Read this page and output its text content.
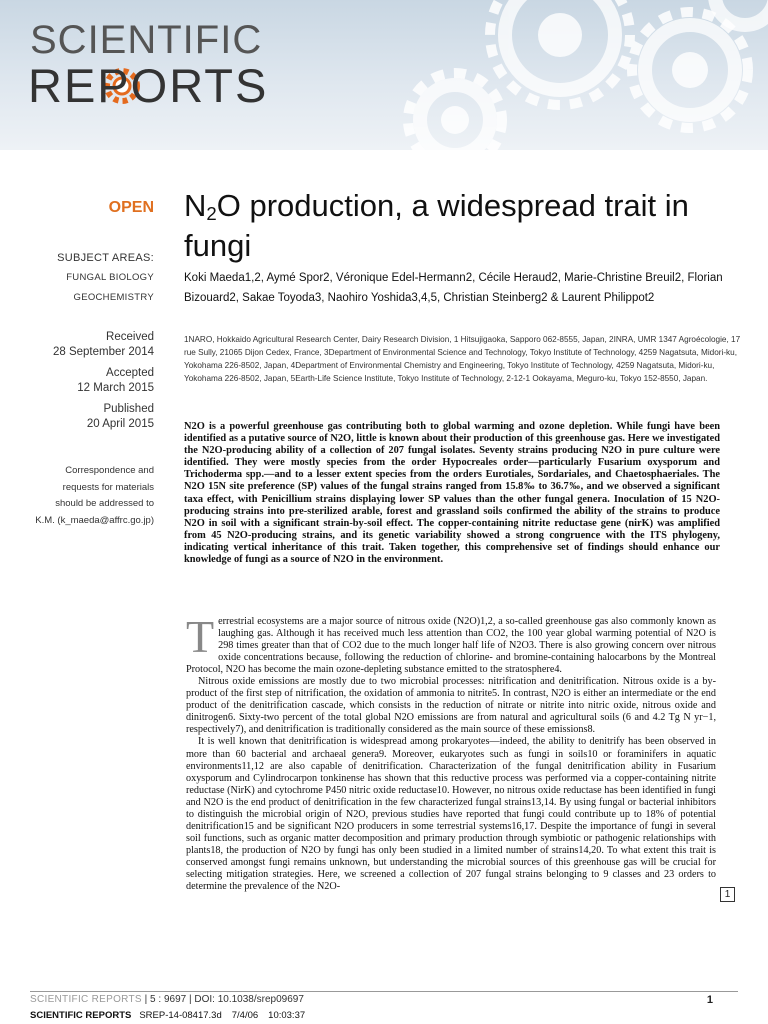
SCIENTIFIC
REPORTS
OPEN
SUBJECT AREAS:
FUNGAL BIOLOGY
GEOCHEMISTRY
Received
28 September 2014
Accepted
12 March 2015
Published
20 April 2015
Correspondence and requests for materials should be addressed to K.M. (k_maeda@affrc.go.jp)
$N_2O$ production, a widespread trait in fungi
Koki Maeda1,2, Aymé Spor2, Véronique Edel-Hermann2, Cécile Heraud2, Marie-Christine Breuil2, Florian Bizouard2, Sakae Toyoda3, Naohiro Yoshida3,4,5, Christian Steinberg2 & Laurent Philippot2
1NARO, Hokkaido Agricultural Research Center, Dairy Research Division, 1 Hitsujigaoka, Sapporo 062-8555, Japan, 2INRA, UMR 1347 Agroécologie, 17 rue Sully, 21065 Dijon Cedex, France, 3Department of Environmental Science and Technology, Tokyo Institute of Technology, 4259 Nagatsuta, Midori-ku, Yokohama 226-8502, Japan, 4Department of Environmental Chemistry and Engineering, Tokyo Institute of Technology, 4259 Nagatsuta, Midori-ku, Yokohama 226-8502, Japan, 5Earth-Life Science Institute, Tokyo Institute of Technology, 2-12-1 Ookayama, Meguro-ku, Tokyo 152-8550, Japan.
N2O is a powerful greenhouse gas contributing both to global warming and ozone depletion. While fungi have been identified as a putative source of N2O, little is known about their production of this greenhouse gas. Here we investigated the N2O-producing ability of a collection of 207 fungal isolates. Seventy strains producing N2O in pure culture were identified. They were mostly species from the order Hypocreales order—particularly Fusarium oxysporum and Trichoderma spp.—and to a lesser extent species from the orders Eurotiales, Sordariales, and Chaetosphaeriales. The N2O 15N site preference (SP) values of the fungal strains ranged from 15.8‰ to 36.7‰, and we observed a significant taxa effect, with Penicillium strains displaying lower SP values than the other fungal genera. Inoculation of 15 N2O-producing strains into pre-sterilized arable, forest and grassland soils confirmed the ability of the strains to produce N2O in soil with a significant strain-by-soil effect. The copper-containing nitrite reductase gene (nirK) was amplified from 45 N2O-producing strains, and its genetic variability showed a strong congruence with the ITS phylogeny, indicating vertical inheritance of this trait. Taken together, this comprehensive set of findings should enhance our knowledge of fungi as a source of N2O in the environment.

Terrestrial ecosystems are a major source of nitrous oxide (N2O)1,2, a so-called greenhouse gas also commonly known as laughing gas. Although it has received much less attention than CO2, the 100 year global warming potential of N2O is 298 times greater than that of CO2 due to the much longer half life of N2O3. There is also growing concern over nitrous oxide concentrations because, following the reduction of chlorine- and bromine-containing halocarbons by the Montreal Protocol, N2O has become the main ozone-depleting substance emitted to the stratosphere4.

Nitrous oxide emissions are mostly due to two microbial processes: nitrification and denitrification. Nitrous oxide is a by-product of the first step of nitrification, the oxidation of ammonia to nitrite5. In contrast, N2O is either an intermediate or the end product of the denitrification cascade, which consists in the reduction of nitrate or nitrite into nitric oxide, nitrous oxide and dinitrogen6. Sixty-two percent of the total global N2O emissions are from natural and agricultural soils (6 and 4.2 Tg N yr−1, respectively7), and denitrification is traditionally considered as the main source of these emissions8.

It is well known that denitrification is widespread among prokaryotes—indeed, the ability to denitrify has been observed in more than 60 bacterial and archaeal genera9. Moreover, eukaryotes such as fungi in soils10 or foraminifers in aquatic environments11,12 are also capable of denitrification. Characterization of the fungal denitrification ability in Fusarium oxysporum and Cylindrocarpon tonkinense has shown that this reductive process was performed via a copper-containing nitrite reductase (NirK) and cytochrome P450 nitric oxide reductase10. However, no nitrous oxide reductase has been identified in fungi and N2O is the end product of denitrification in the few characterized fungal strains13,14. By using fungal or bacterial inhibitors to distinguish the microbial origin of N2O, previous studies have reported that fungi could contribute up to 18% of potential denitrification15 and be significant N2O producers in some terrestrial systems16,17. Despite the importance of fungi in several soil functions, such as organic matter decomposition and primary production through symbiotic or pathogenic relationships with plants18, the production of N2O by fungi has only been studied in a limited number of strains14,20. To what extent this trait is conserved amongst fungi remains unknown, but understanding the microbial sources of this greenhouse gas will be crucial for selecting mitigation strategies. Here, we screened a collection of 207 fungal strains belonging to 9 classes and 23 orders to determine the prevalence of the N2O-

1
SCIENTIFIC REPORTS | 5 : 9697 | DOI: 10.1038/srep09697	1
SCIENTIFIC REPORTS SREP-14-08417.3d 7/4/06 10:03:37
